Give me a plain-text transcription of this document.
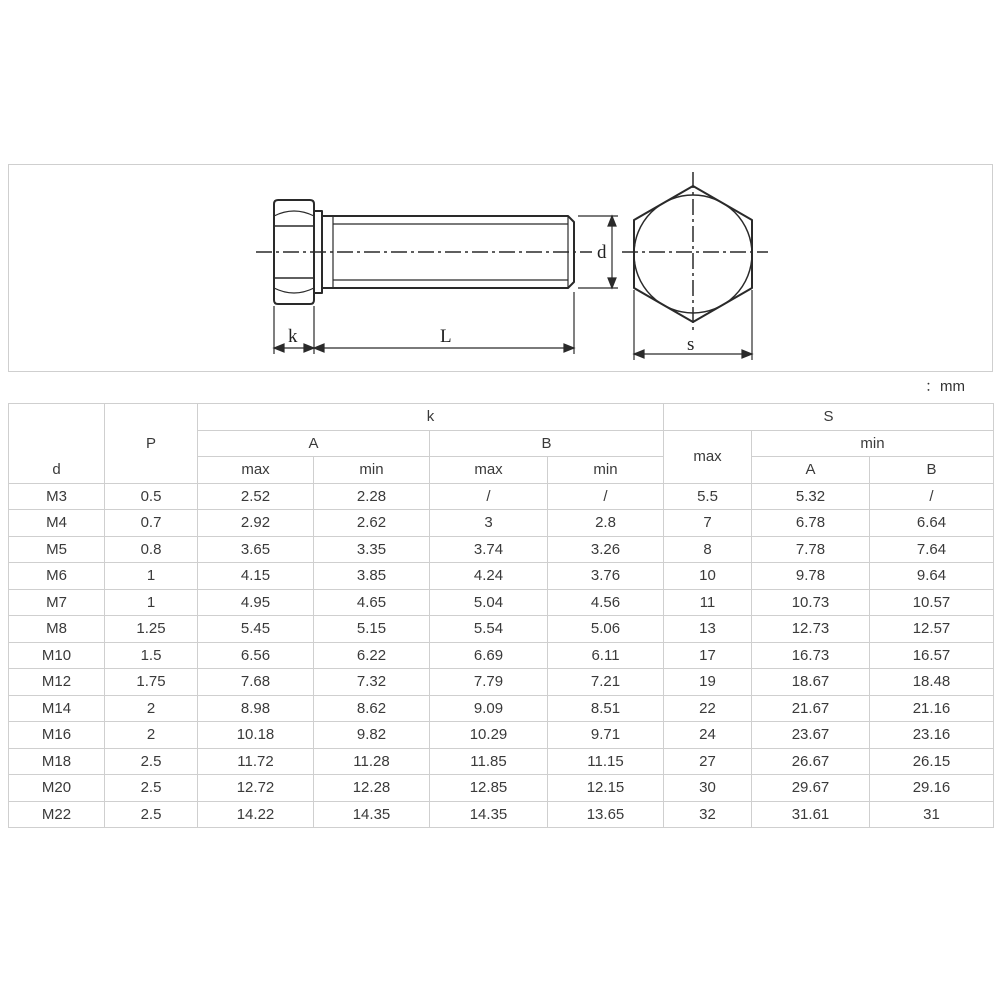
k	L
d
s
：mm
d	P	k				S		
		A		B		max	min	
		max	min	max	min		A	B
M3	0.5	2.52	2.28	/	/	5.5	5.32	/
M4	0.7	2.92	2.62	3	2.8	7	6.78	6.64
M5	0.8	3.65	3.35	3.74	3.26	8	7.78	7.64
M6	1	4.15	3.85	4.24	3.76	10	9.78	9.64
M7	1	4.95	4.65	5.04	4.56	11	10.73	10.57
M8	1.25	5.45	5.15	5.54	5.06	13	12.73	12.57
M10	1.5	6.56	6.22	6.69	6.11	17	16.73	16.57
M12	1.75	7.68	7.32	7.79	7.21	19	18.67	18.48
M14	2	8.98	8.62	9.09	8.51	22	21.67	21.16
M16	2	10.18	9.82	10.29	9.71	24	23.67	23.16
M18	2.5	11.72	11.28	11.85	11.15	27	26.67	26.15
M20	2.5	12.72	12.28	12.85	12.15	30	29.67	29.16
M22	2.5	14.22	14.35	14.35	13.65	32	31.61	31
